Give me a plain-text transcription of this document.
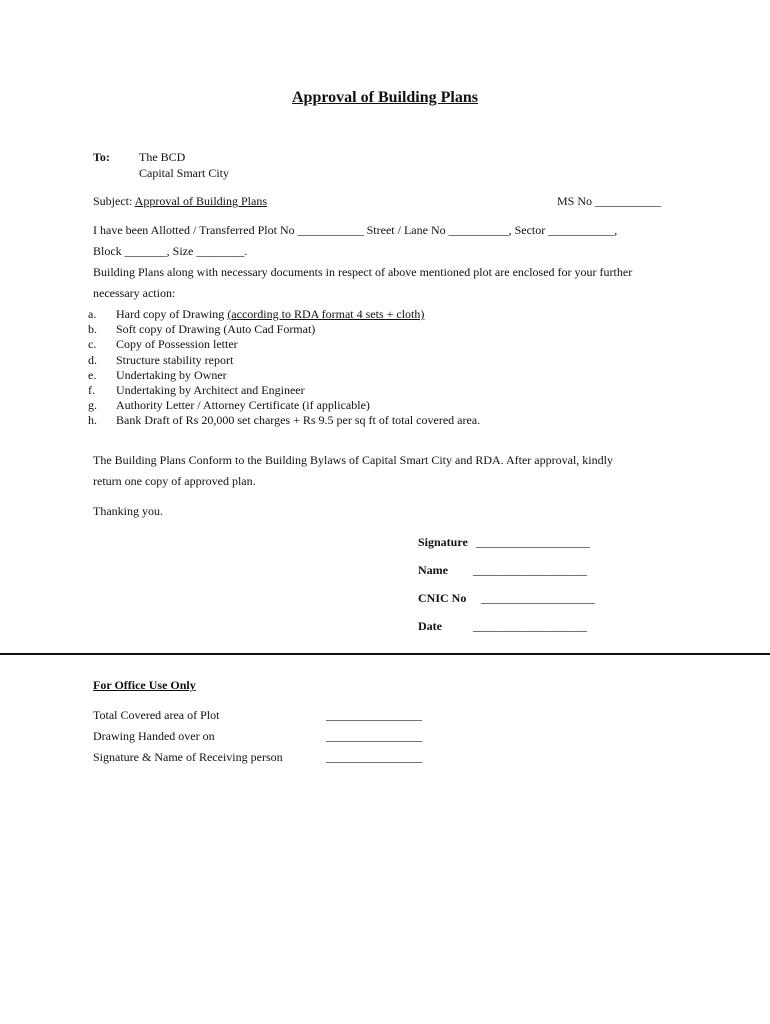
Approval of Building Plans
To: The BCD
Capital Smart City
Subject: Approval of Building Plans	MS No ___________
I have been Allotted / Transferred Plot No ___________ Street / Lane No __________, Sector ___________,
Block _______, Size ________.
Building Plans along with necessary documents in respect of above mentioned plot are enclosed for your further
necessary action:
a. Hard copy of Drawing (according to RDA format 4 sets + cloth)
b. Soft copy of Drawing (Auto Cad Format)
c. Copy of Possession letter
d. Structure stability report
e. Undertaking by Owner
f. Undertaking by Architect and Engineer
g. Authority Letter / Attorney Certificate (if applicable)
h. Bank Draft of Rs 20,000 set charges + Rs 9.5 per sq ft of total covered area.
The Building Plans Conform to the Building Bylaws of Capital Smart City and RDA. After approval, kindly
return one copy of approved plan.
Thanking you.
Signature ___________________
Name ___________________
CNIC No ___________________
Date	___________________
For Office Use Only
Total Covered area of Plot	________________
Drawing Handed over on	________________
Signature & Name of Receiving person	________________
